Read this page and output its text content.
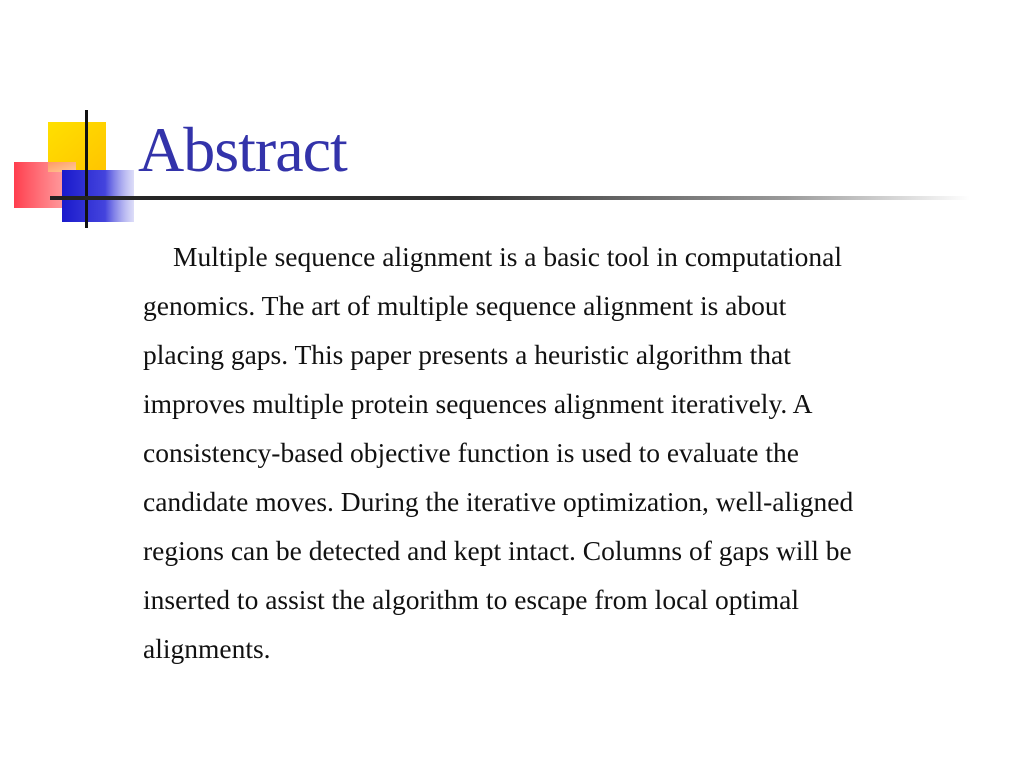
Abstract

Multiple sequence alignment is a basic tool in computational
genomics. The art of multiple sequence alignment is about
placing gaps. This paper presents a heuristic algorithm that
improves multiple protein sequences alignment iteratively. A
consistency-based objective function is used to evaluate the
candidate moves. During the iterative optimization, well-aligned
regions can be detected and kept intact. Columns of gaps will be
inserted to assist the algorithm to escape from local optimal
alignments.
